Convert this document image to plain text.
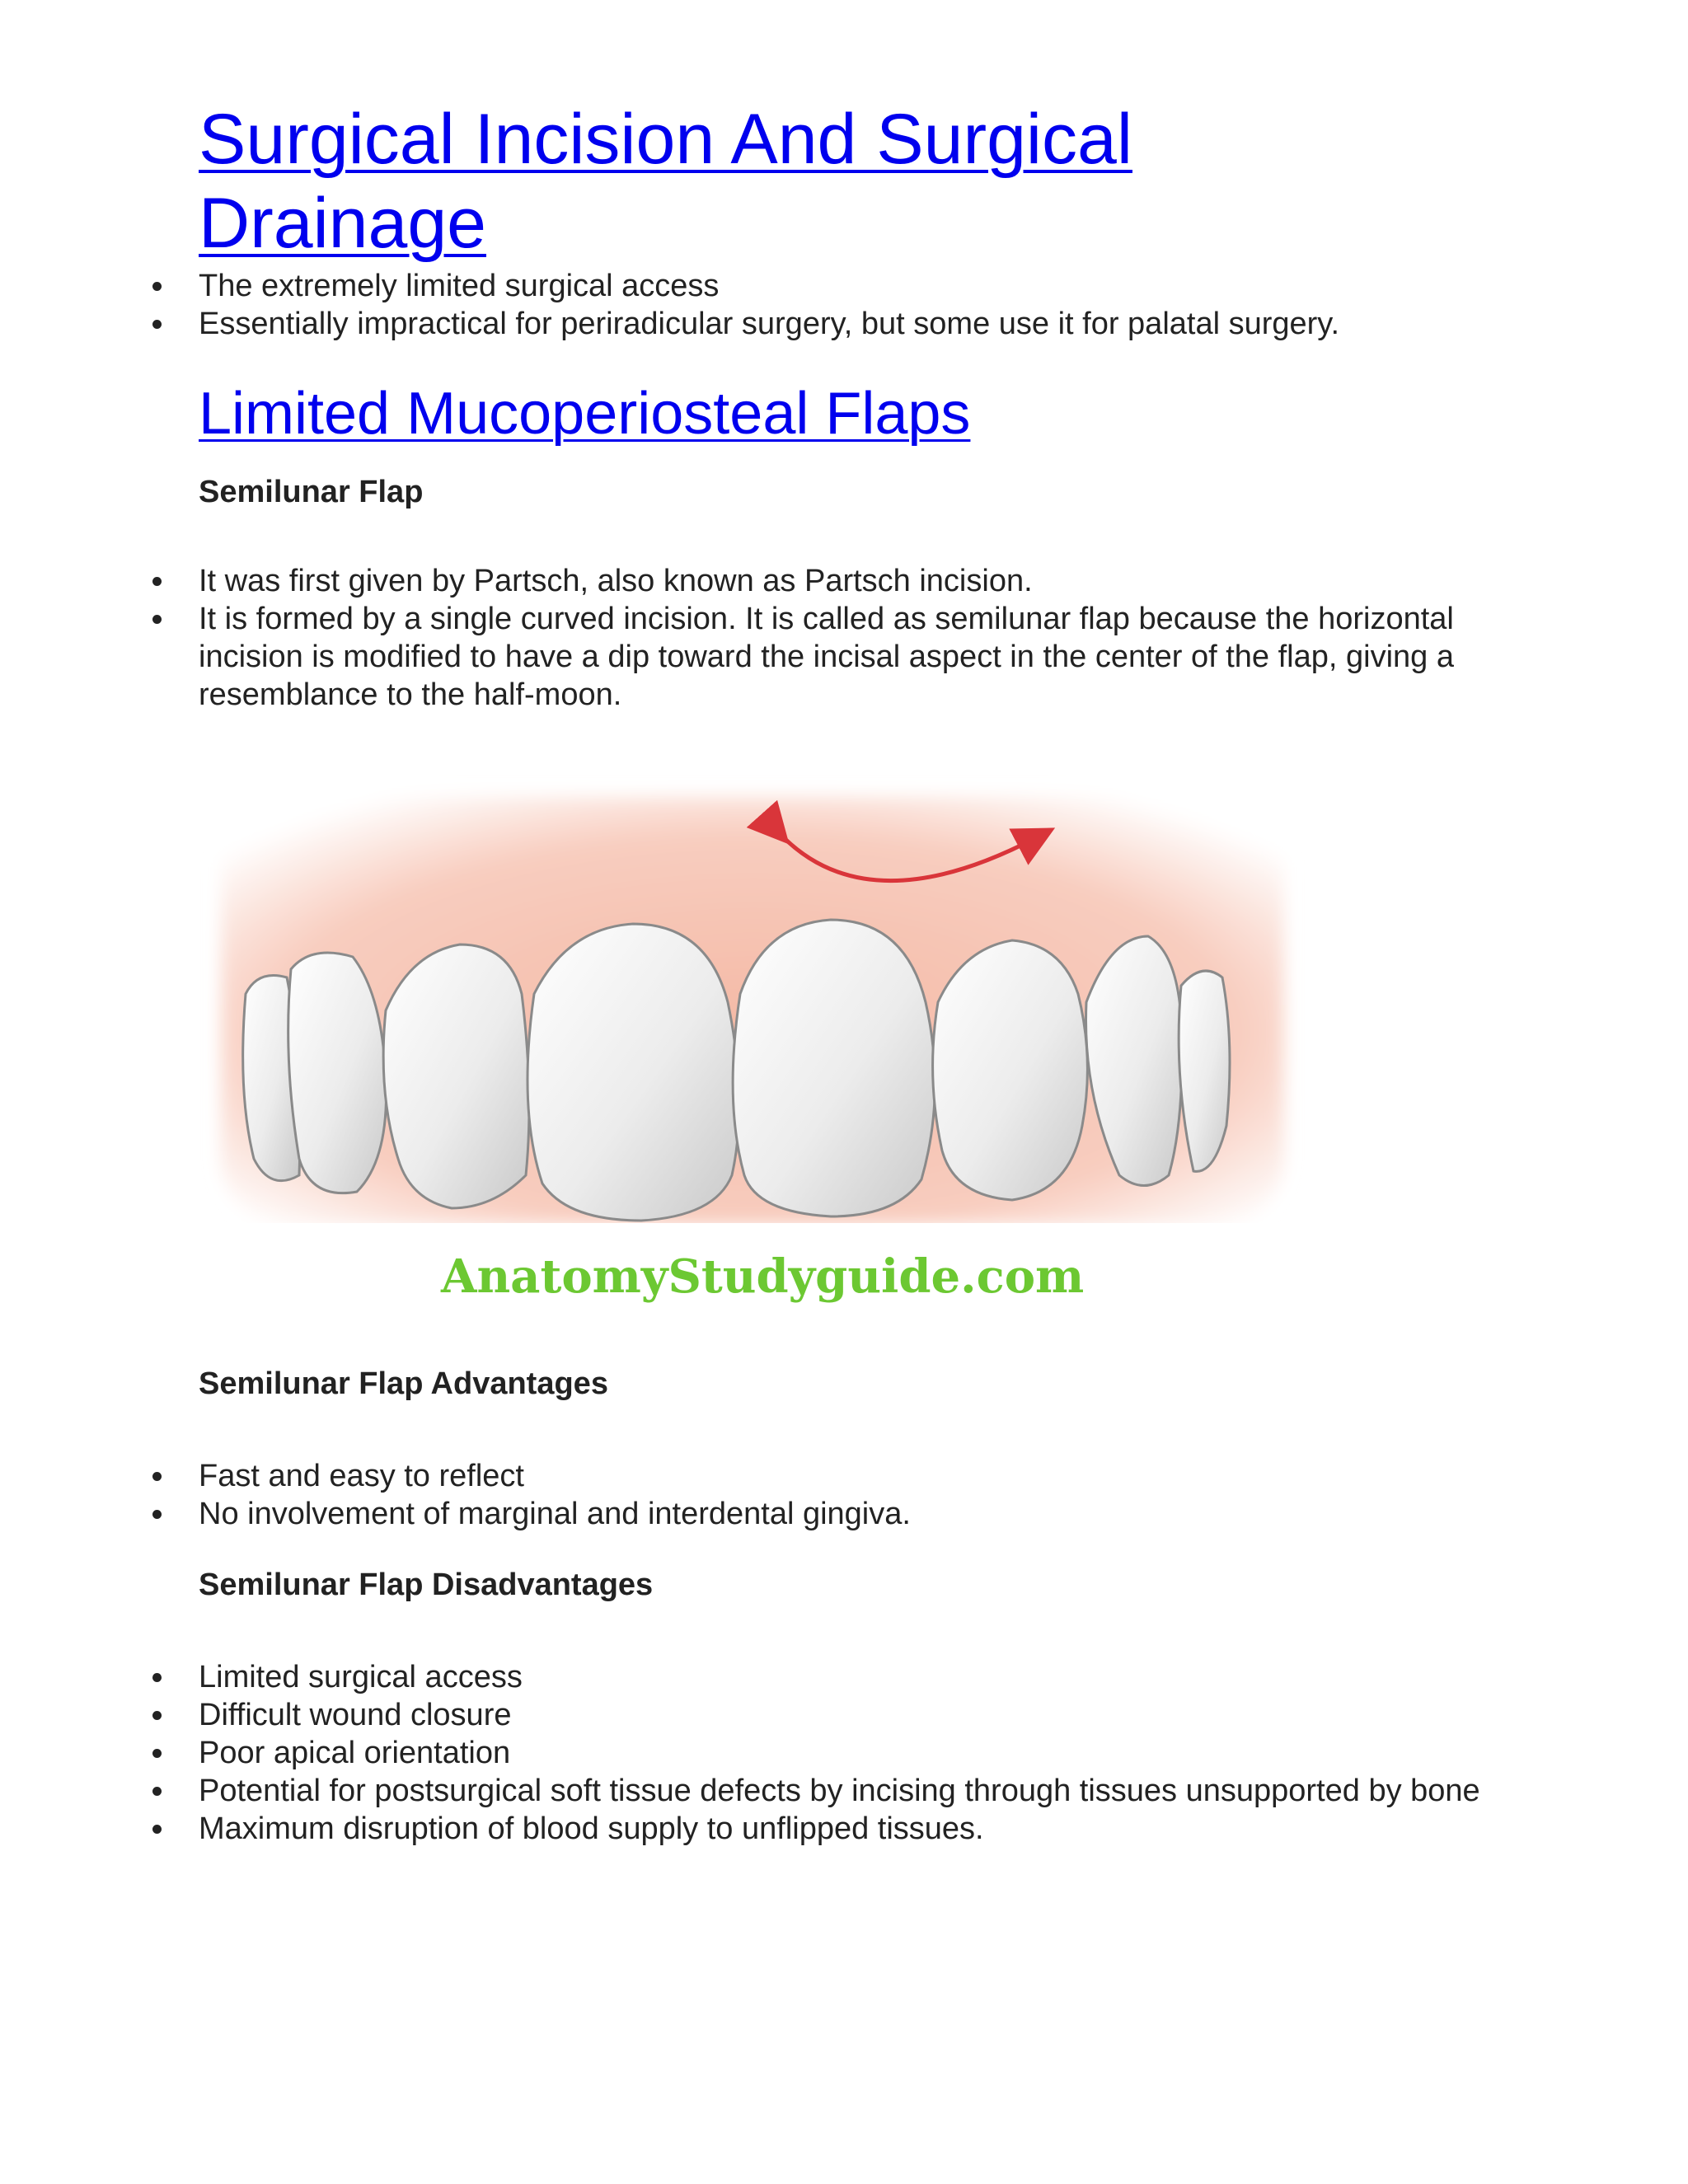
Surgical Incision And Surgical Drainage
The extremely limited surgical access
Essentially impractical for periradicular surgery, but some use it for palatal surgery.
Limited Mucoperiosteal Flaps

Semilunar Flap

It was first given by Partsch, also known as Partsch incision.
It is formed by a single curved incision. It is called as semilunar flap because the horizontal incision is modified to have a dip toward the incisal aspect in the center of the flap, giving a resemblance to the half-moon.
AnatomyStudyguide.com

Semilunar Flap Advantages

Fast and easy to reflect
No involvement of marginal and interdental gingiva.

Semilunar Flap Disadvantages

Limited surgical access
Difficult wound closure
Poor apical orientation
Potential for postsurgical soft tissue defects by incising through tissues unsupported by bone
Maximum disruption of blood supply to unflipped tissues.
